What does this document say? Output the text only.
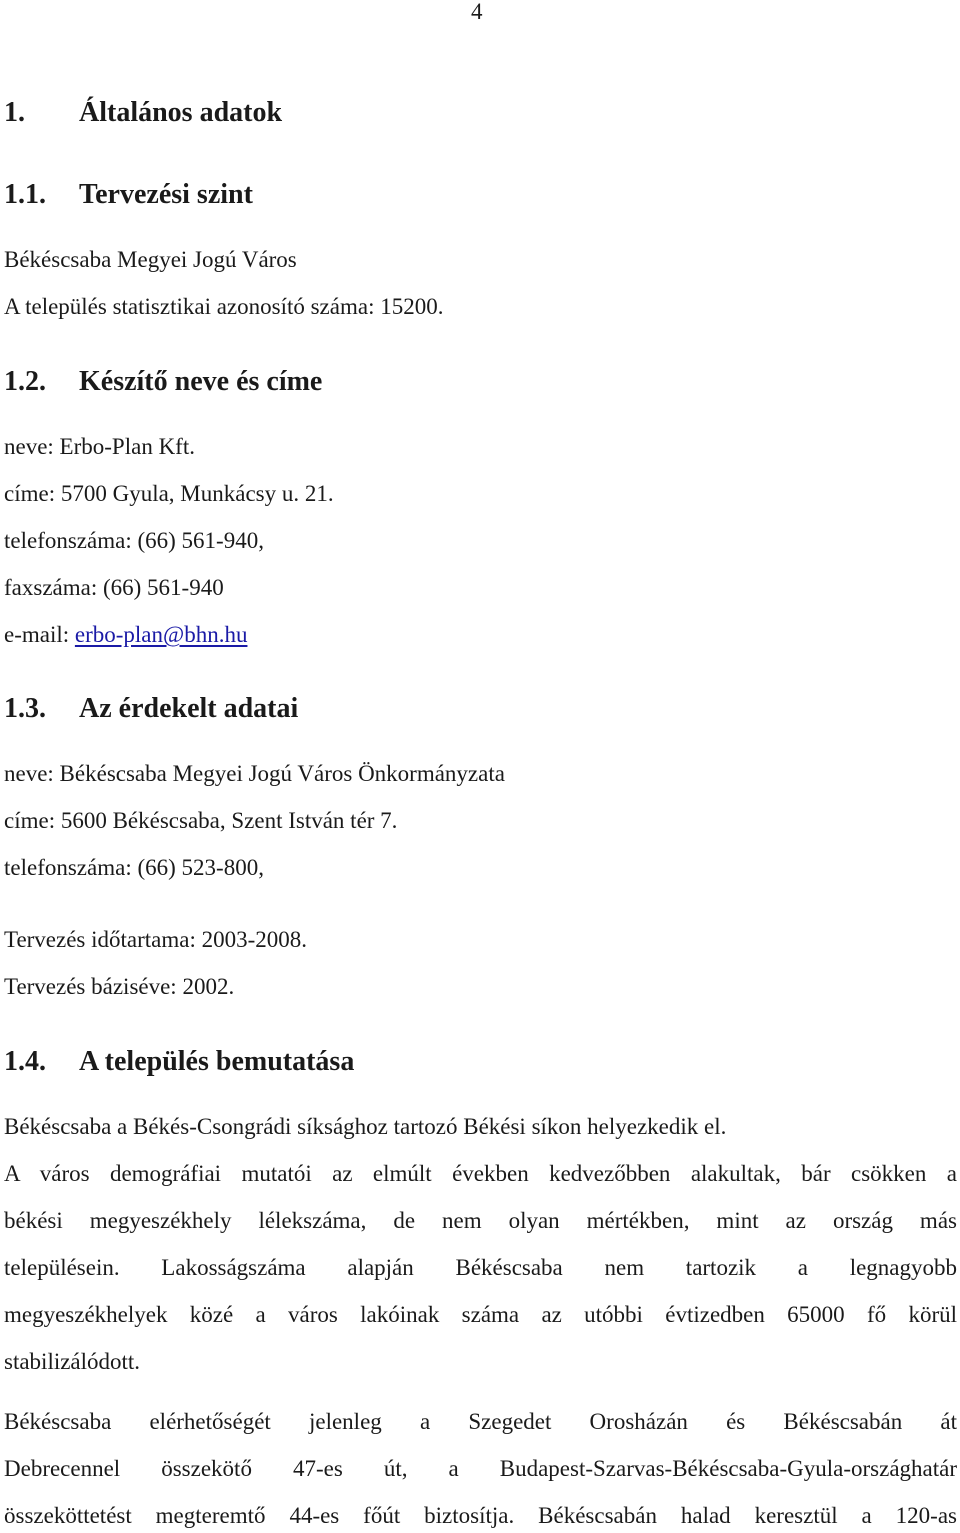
4
1. Általános adatok
1.1. Tervezési szint
Békéscsaba Megyei Jogú Város
A település statisztikai azonosító száma: 15200.
1.2. Készítő neve és címe
neve: Erbo-Plan Kft.
címe: 5700 Gyula, Munkácsy u. 21.
telefonszáma: (66) 561-940,
faxszáma: (66) 561-940
e-mail: erbo-plan@bhn.hu
1.3. Az érdekelt adatai
neve: Békéscsaba Megyei Jogú Város Önkormányzata
címe: 5600 Békéscsaba, Szent István tér 7.
telefonszáma: (66) 523-800,
Tervezés időtartama: 2003-2008.
Tervezés bázisév​e: 2002.
1.4. A település bemutatása
Békéscsaba a Békés-Csongrádi síksághoz tartozó Békési síkon helyezkedik el.
A város demográfiai mutatói az elmúlt években kedvezőbben alakultak, bár csökken a
békési megyeszékhely lélekszáma, de nem olyan mértékben, mint az ország más
településein. Lakosságszáma alapján Békéscsaba nem tartozik a legnagyobb
megyeszékhelyek közé a város lakóinak száma az utóbbi évtizedben 65000 fő körül
stabilizálódott.
Békéscsaba elérhetőségét jelenleg a Szegedet Orosházán és Békéscsabán át
Debrecennel összekötő 47-es út, a Budapest-Szarvas-Békéscsaba-Gyula-országhatár
összeköttetést megteremtő 44-es főút biztosítja. Békéscsabán halad keresztül a 120-as
